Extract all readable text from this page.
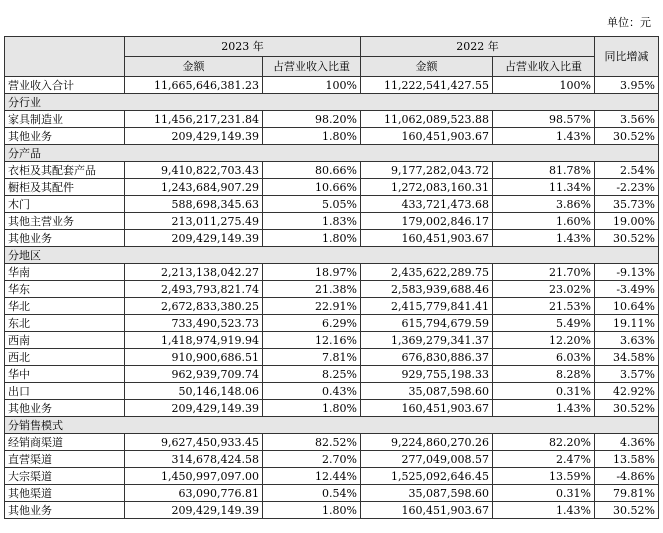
单位：元
	2023 年		2022 年		同比增减
	金额	占营业收入比重	金额	占营业收入比重	
营业收入合计	11,665,646,381.23	100%	11,222,541,427.55	100%	3.95%
分行业					
家具制造业	11,456,217,231.84	98.20%	11,062,089,523.88	98.57%	3.56%
其他业务	209,429,149.39	1.80%	160,451,903.67	1.43%	30.52%
分产品					
衣柜及其配套产品	9,410,822,703.43	80.66%	9,177,282,043.72	81.78%	2.54%
橱柜及其配件	1,243,684,907.29	10.66%	1,272,083,160.31	11.34%	-2.23%
木门	588,698,345.63	5.05%	433,721,473.68	3.86%	35.73%
其他主营业务	213,011,275.49	1.83%	179,002,846.17	1.60%	19.00%
其他业务	209,429,149.39	1.80%	160,451,903.67	1.43%	30.52%
分地区					
华南	2,213,138,042.27	18.97%	2,435,622,289.75	21.70%	-9.13%
华东	2,493,793,821.74	21.38%	2,583,939,688.46	23.02%	-3.49%
华北	2,672,833,380.25	22.91%	2,415,779,841.41	21.53%	10.64%
东北	733,490,523.73	6.29%	615,794,679.59	5.49%	19.11%
西南	1,418,974,919.94	12.16%	1,369,279,341.37	12.20%	3.63%
西北	910,900,686.51	7.81%	676,830,886.37	6.03%	34.58%
华中	962,939,709.74	8.25%	929,755,198.33	8.28%	3.57%
出口	50,146,148.06	0.43%	35,087,598.60	0.31%	42.92%
其他业务	209,429,149.39	1.80%	160,451,903.67	1.43%	30.52%
分销售模式					
经销商渠道	9,627,450,933.45	82.52%	9,224,860,270.26	82.20%	4.36%
直营渠道	314,678,424.58	2.70%	277,049,008.57	2.47%	13.58%
大宗渠道	1,450,997,097.00	12.44%	1,525,092,646.45	13.59%	-4.86%
其他渠道	63,090,776.81	0.54%	35,087,598.60	0.31%	79.81%
其他业务	209,429,149.39	1.80%	160,451,903.67	1.43%	30.52%
